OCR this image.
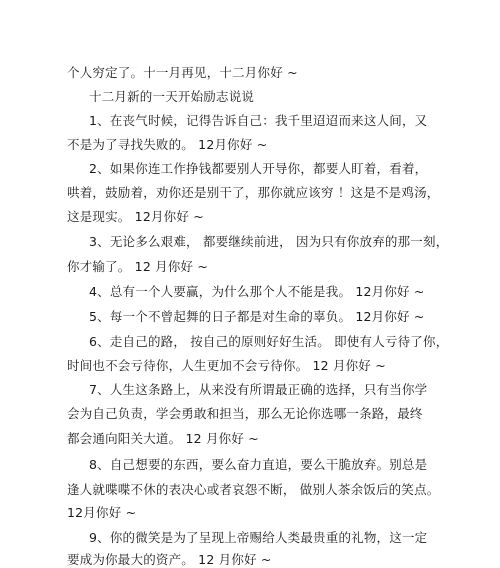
个人穷定了。十一月再见，十二月你好 ~
十二月新的一天开始励志说说
1、在丧气时候，记得告诉自己：我千里迢迢而来这人间，又
不是为了寻找失败的。 12月你好 ~
2、如果你连工作挣钱都要别人开导你，都要人盯着，看着，
哄着，鼓励着，劝你还是别干了，那你就应该穷 ！这是不是鸡汤，
这是现实。 12月你好 ~
3、无论多么艰难， 都要继续前进， 因为只有你放弃的那一刻，
你才输了。 12 月你好 ~
4、总有一个人要赢，为什么那个人不能是我。 12月你好 ~
5、每一个不曾起舞的日子都是对生命的辜负。 12月你好 ~
6、走自己的路， 按自己的原则好好生活。 即使有人亏待了你，
时间也不会亏待你，人生更加不会亏待你。 12 月你好 ~
7、人生这条路上，从来没有所谓最正确的选择，只有当你学
会为自己负责，学会勇敢和担当，那么无论你选哪一条路，最终
都会通向阳关大道。 12 月你好 ~
8、自己想要的东西，要么奋力直追，要么干脆放弃。别总是
逢人就喋喋不休的表决心或者哀怨不断， 做别人茶余饭后的笑点。
12月你好 ~
9、你的微笑是为了呈现上帝赐给人类最贵重的礼物，这一定
要成为你最大的资产。 12 月你好 ~
